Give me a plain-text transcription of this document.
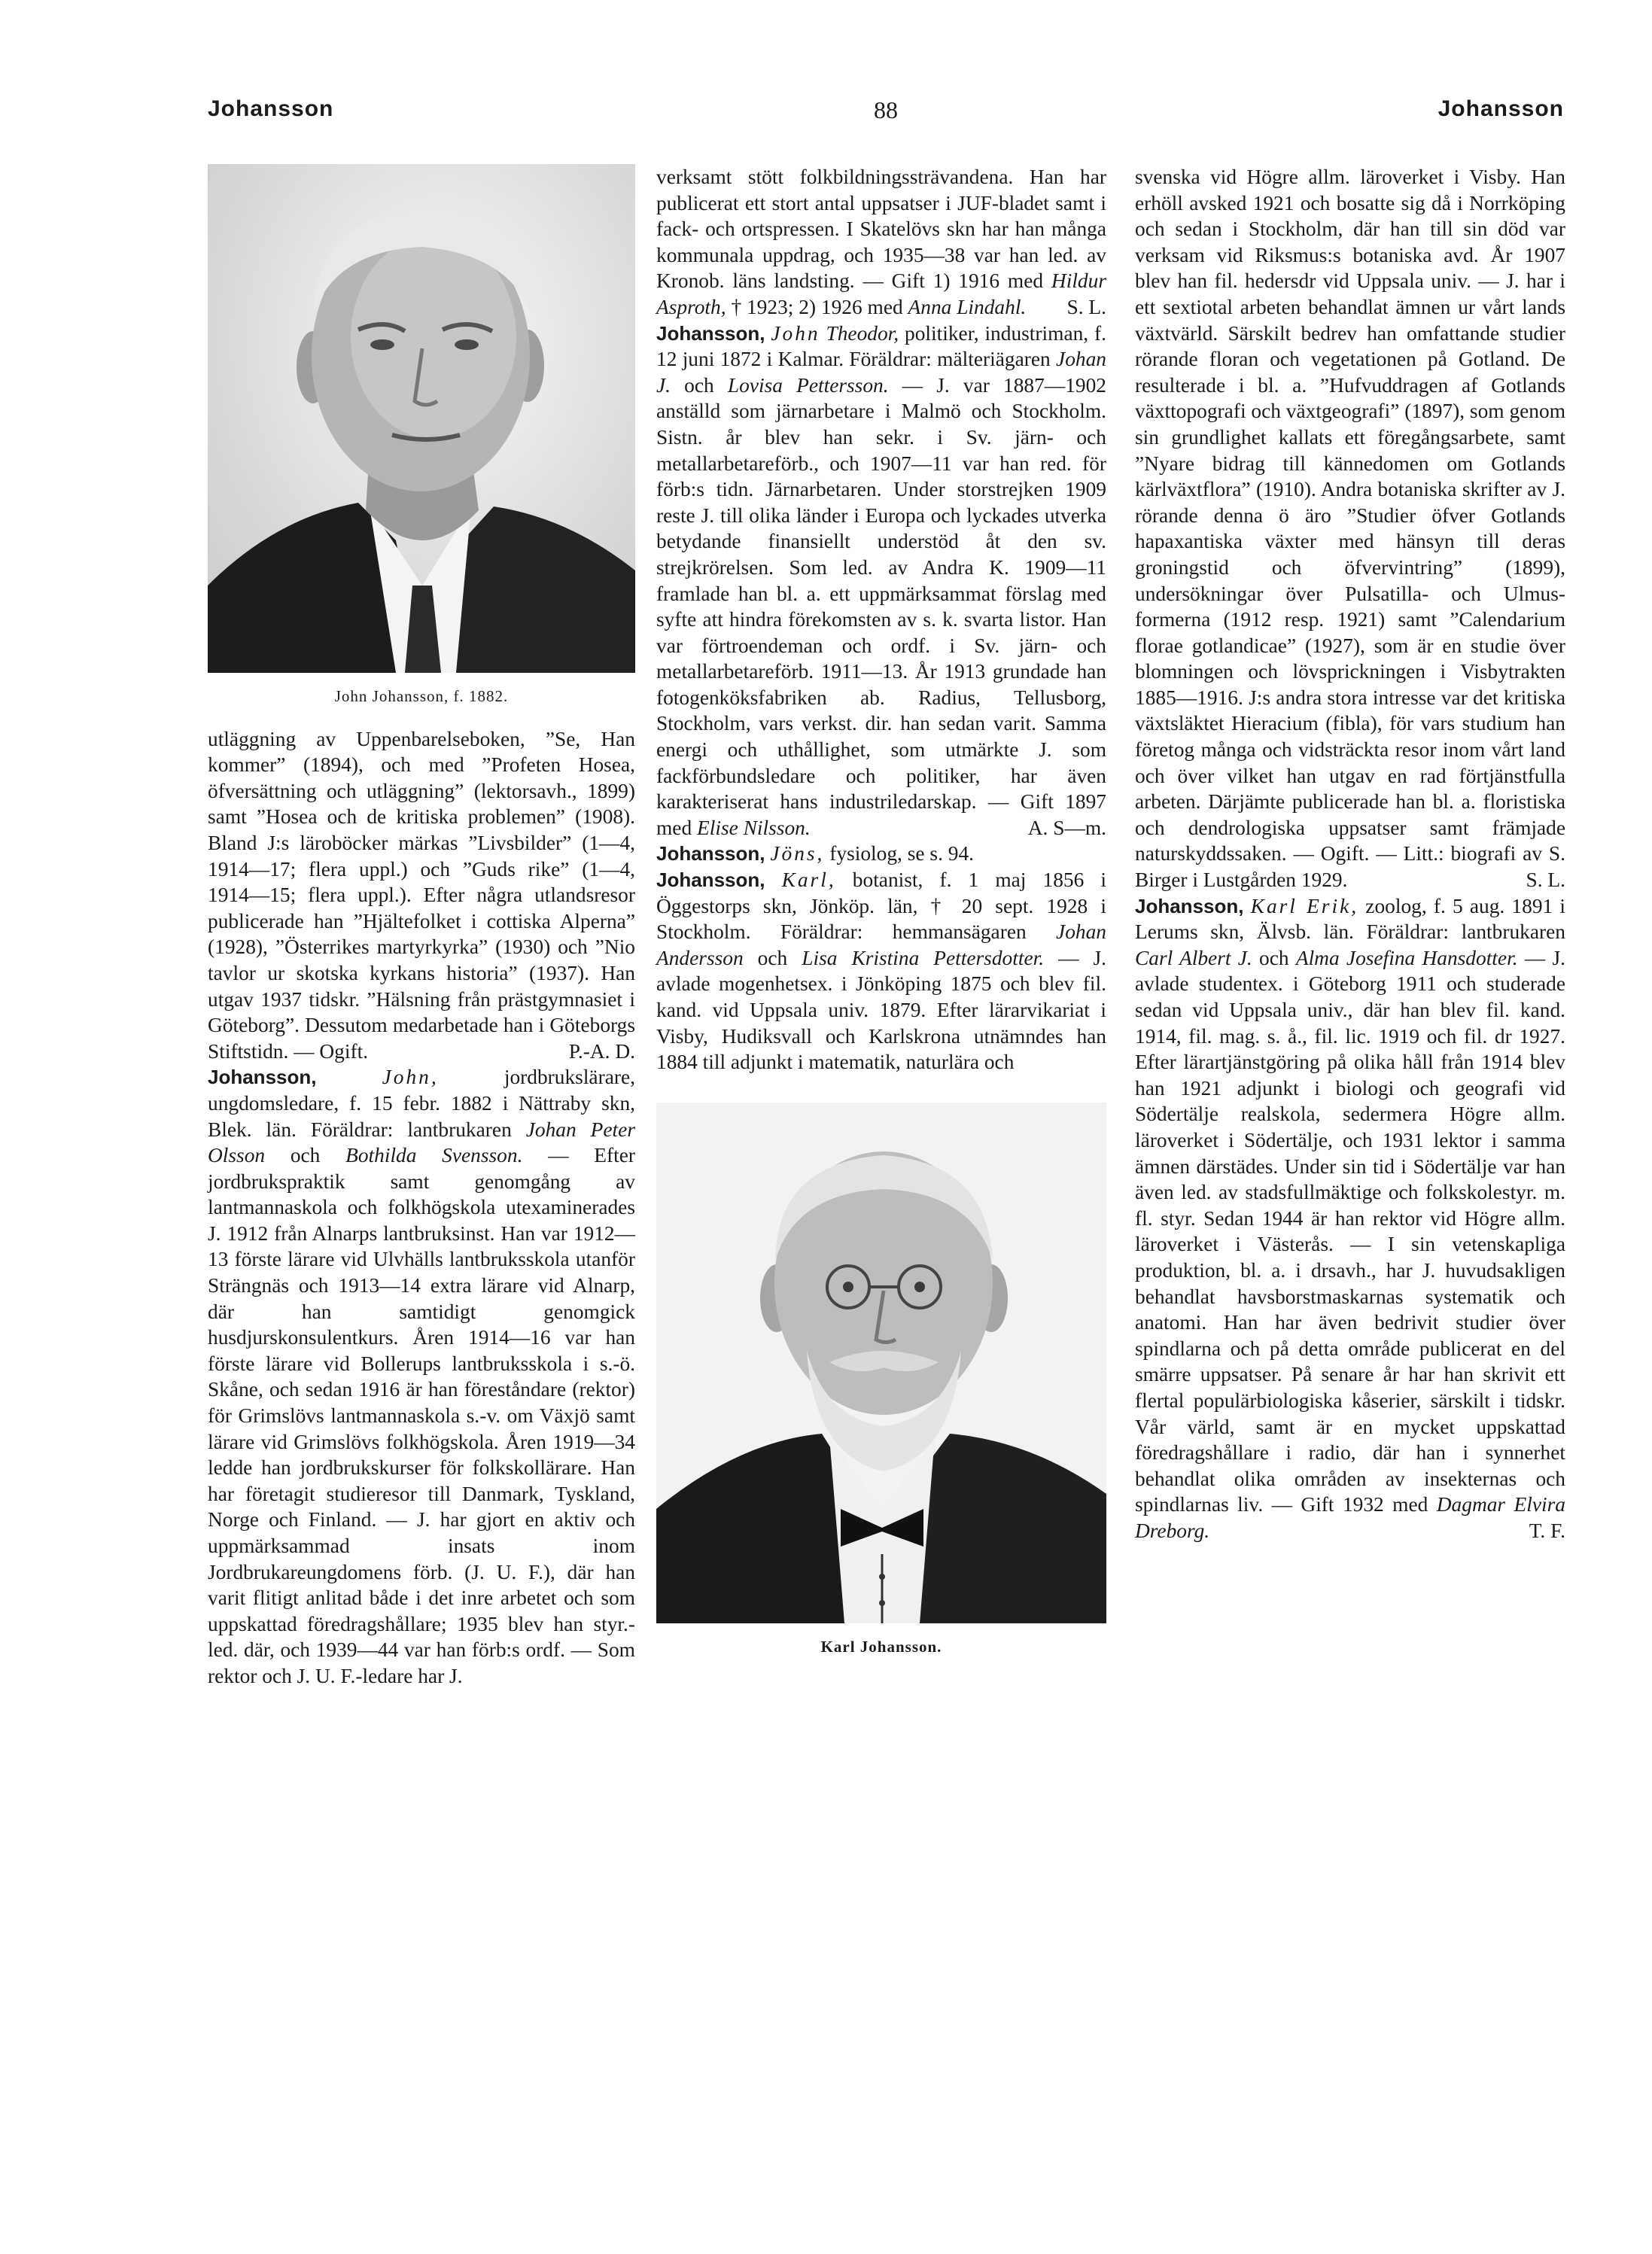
Johansson	88	Johansson
John Johansson, f. 1882.

utläggning av Uppenbarelseboken, ”Se, Han kommer” (1894), och med ”Profeten Hosea, öfversättning och utläggning” (lektorsavh., 1899) samt ”Hosea och de kritiska problemen” (1908). Bland J:s läroböcker märkas ”Livsbilder” (1—4, 1914—17; flera uppl.) och ”Guds rike” (1—4, 1914—15; flera uppl.). Efter några utlandsresor publicerade han ”Hjältefolket i cottiska Alperna” (1928), ”Österrikes martyrkyrka” (1930) och ”Nio tavlor ur skotska kyrkans historia” (1937). Han utgav 1937 tidskr. ”Hälsning från prästgymnasiet i Göteborg”. Dessutom medarbetade han i Göteborgs Stiftstidn. — Ogift.	P.-A. D.

Johansson,	John,	jordbrukslärare, ungdomsledare, f. 15 febr. 1882 i Nättraby skn, Blek. län. Föräldrar: lantbrukaren Johan Peter Olsson och Bothilda Svensson. — Efter jordbrukspraktik samt genomgång av lantmannaskola och folkhögskola utexaminerades J. 1912 från Alnarps lantbruksinst. Han var 1912—13 förste lärare vid Ulvhälls lantbruksskola utanför Strängnäs och 1913—14 extra lärare vid Alnarp, där han samtidigt genomgick husdjurskonsulentkurs. Åren 1914—16 var han förste lärare vid Bollerups lantbruksskola i s.-ö. Skåne, och sedan 1916 är han föreståndare (rektor) för Grimslövs lantmannaskola s.-v. om Växjö samt lärare vid Grimslövs folkhögskola. Åren 1919—34 ledde han jordbrukskurser för folkskollärare. Han har företagit studieresor till Danmark, Tyskland, Norge och Finland. — J. har gjort en aktiv och uppmärksammad insats inom Jordbrukareungdomens förb. (J. U. F.), där han varit flitigt anlitad både i det inre arbetet och som uppskattad föredragshållare; 1935 blev han styr.-led. där, och 1939—44 var han förb:s ordf. — Som rektor och J. U. F.-ledare har J.

verksamt stött folkbildningssträvandena. Han har publicerat ett stort antal uppsatser i JUF-bladet samt i fack- och ortspressen. I Skatelövs skn har han många kommunala uppdrag, och 1935—38 var han led. av Kronob. läns landsting. — Gift 1) 1916 med Hildur Asproth, † 1923; 2) 1926 med Anna Lindahl. S. L.

Johansson, John Theodor, politiker, industriman, f. 12 juni 1872 i Kalmar. Föräldrar: mälteriägaren Johan J. och Lovisa Pettersson. — J. var 1887—1902 anställd som järnarbetare i Malmö och Stockholm. Sistn. år blev han sekr. i Sv. järn- och metallarbetareförb., och 1907—11 var han red. för förb:s tidn. Järnarbetaren. Under storstrejken 1909 reste J. till olika länder i Europa och lyckades utverka betydande finansiellt understöd åt den sv. strejkrörelsen. Som led. av Andra K. 1909—11 framlade han bl. a. ett uppmärksammat förslag med syfte att hindra förekomsten av s. k. svarta listor. Han var förtroendeman och ordf. i Sv. järn- och metallarbetareförb. 1911—13. År 1913 grundade han fotogenköksfabriken ab. Radius, Tellusborg, Stockholm, vars verkst. dir. han sedan varit. Samma energi och uthållighet, som utmärkte J. som fackförbundsledare och politiker, har även karakteriserat hans industriledarskap. — Gift 1897 med Elise Nilsson.	A. S—m.

Johansson, Jöns, fysiolog, se s. 94.

Johansson, Karl, botanist, f. 1 maj 1856 i Öggestorps skn, Jönköp. län, † 20 sept. 1928 i Stockholm. Föräldrar: hemmansägaren Johan Andersson och Lisa Kristina Pettersdotter. — J. avlade mogenhetsex. i Jönköping 1875 och blev fil. kand. vid Uppsala univ. 1879. Efter lärarvikariat i Visby, Hudiksvall och Karlskrona utnämndes han 1884 till adjunkt i matematik, naturlära och

Karl Johansson.

svenska vid Högre allm. läroverket i Visby. Han erhöll avsked 1921 och bosatte sig då i Norrköping och sedan i Stockholm, där han till sin död var verksam vid Riksmus:s botaniska avd. År 1907 blev han fil. hedersdr vid Uppsala univ. — J. har i ett sextiotal arbeten behandlat ämnen ur vårt lands växtvärld. Särskilt bedrev han omfattande studier rörande floran och vegetationen på Gotland. De resulterade i bl. a. ”Hufvuddragen af Gotlands växttopografi och växtgeografi” (1897), som genom sin grundlighet kallats ett föregångsarbete, samt ”Nyare bidrag till kännedomen om Gotlands kärlväxtflora” (1910). Andra botaniska skrifter av J. rörande denna ö äro ”Studier öfver Gotlands hapaxantiska växter med hänsyn till deras groningstid och öfvervintring” (1899), undersökningar över Pulsatilla- och Ulmus-formerna (1912 resp. 1921) samt ”Calendarium florae gotlandicae” (1927), som är en studie över blomningen och lövsprickningen i Visbytrakten 1885—1916. J:s andra stora intresse var det kritiska växtsläktet Hieracium (fibla), för vars studium han företog många och vidsträckta resor inom vårt land och över vilket han utgav en rad förtjänstfulla arbeten. Därjämte publicerade han bl. a. floristiska och dendrologiska uppsatser samt främjade naturskyddssaken. — Ogift. — Litt.: biografi av S. Birger i Lustgården 1929.	S. L.

Johansson, Karl Erik, zoolog, f. 5 aug. 1891 i Lerums skn, Älvsb. län. Föräldrar: lantbrukaren Carl Albert J. och Alma Josefina Hansdotter. — J. avlade studentex. i Göteborg 1911 och studerade sedan vid Uppsala univ., där han blev fil. kand. 1914, fil. mag. s. å., fil. lic. 1919 och fil. dr 1927. Efter lärartjänstgöring på olika håll från 1914 blev han 1921 adjunkt i biologi och geografi vid Södertälje realskola, sedermera Högre allm. läroverket i Södertälje, och 1931 lektor i samma ämnen därstädes. Under sin tid i Södertälje var han även led. av stadsfullmäktige och folkskolestyr. m. fl. styr. Sedan 1944 är han rektor vid Högre allm. läroverket i Västerås. — I sin vetenskapliga produktion, bl. a. i drsavh., har J. huvudsakligen behandlat havsborstmaskarnas systematik och anatomi. Han har även bedrivit studier över spindlarna och på detta område publicerat en del smärre uppsatser. På senare år har han skrivit ett flertal populärbiologiska kåserier, särskilt i tidskr. Vår värld, samt är en mycket uppskattad föredragshållare i radio, där han i synnerhet behandlat olika områden av insekternas och spindlarnas liv. — Gift 1932 med Dagmar Elvira Dreborg.	T. F.
